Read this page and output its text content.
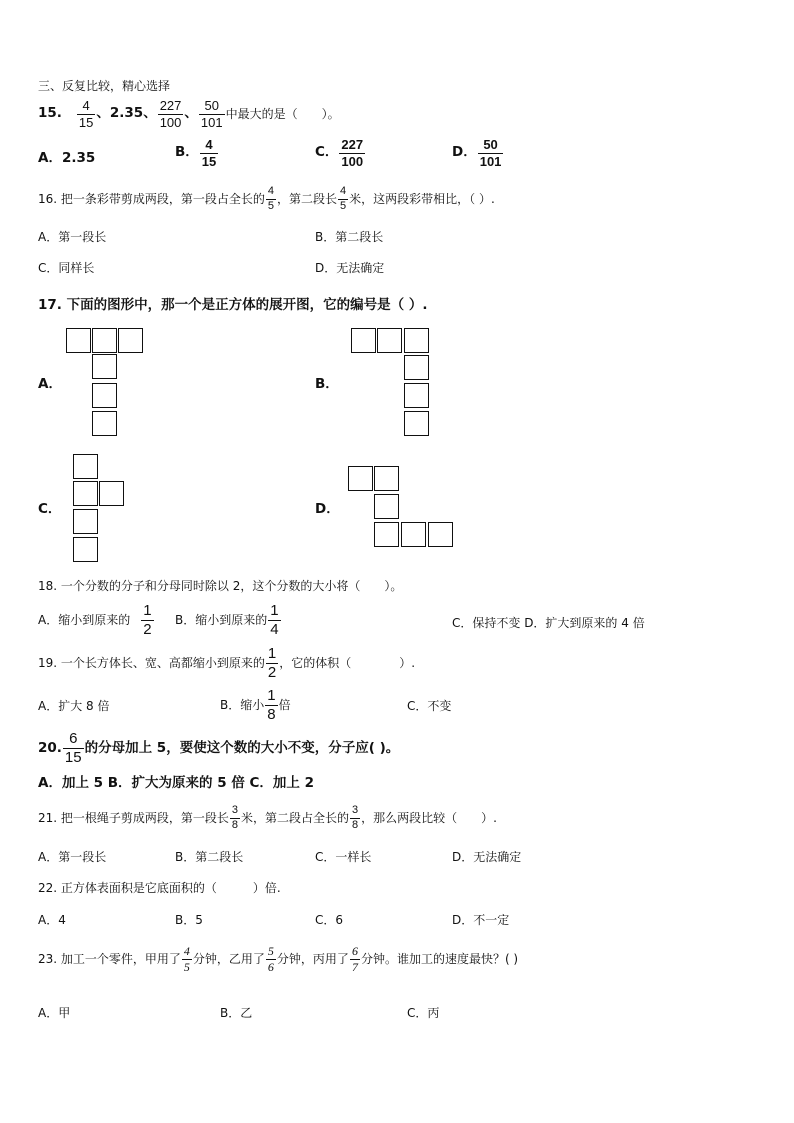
三、反复比较，精心选择
15. $\frac{4}{15}$ 、2.35、 $\frac{227}{100}$ 、 $\frac{50}{101}$ 中最大的是（　　）。
A．2.35	B． $\frac{4}{15}$	C． $\frac{227}{100}$	D． $\frac{50}{101}$
16. 把一条彩带剪成两段，第一段占全长的 $\frac{4}{5}$ ，第二段长 $\frac{4}{5}$ 米，这两段彩带相比，（ ）.
A．第一段长	B．第二段长
C．同样长	D．无法确定
17. 下面的图形中，那一个是正方体的展开图，它的编号是（ ）.
A．	B．
C．	D．
18. 一个分数的分子和分母同时除以 2，这个分数的大小将（　　）。
A．缩小到原来的 $\frac{1}{2}$ B．缩小到原来的 $\frac{1}{4}$	C．保持不变 D．扩大到原来的 4 倍
19. 一个长方体长、宽、高都缩小到原来的 $\frac{1}{2}$ ，它的体积（　　　　）.
A．扩大 8 倍	B．缩小 $\frac{1}{8}$ 倍	C．不变
20. $\frac{6}{15}$ 的分母加上 5，要使这个数的大小不变，分子应( )。
A．加上 5 B．扩大为原来的 5 倍 C．加上 2
21. 把一根绳子剪成两段，第一段长 $\frac{3}{8}$ 米，第二段占全长的 $\frac{3}{8}$ ，那么两段比较（　　）.
A．第一段长	B．第二段长	C．一样长	D．无法确定
22. 正方体表面积是它底面积的（　　　）倍.
A．4	B．5	C．6	D．不一定
23. 加工一个零件，甲用了 $\frac{4}{5}$ 分钟，乙用了 $\frac{5}{6}$ 分钟，丙用了 $\frac{6}{7}$ 分钟。谁加工的速度最快？( )
A．甲	B．乙	C．丙
